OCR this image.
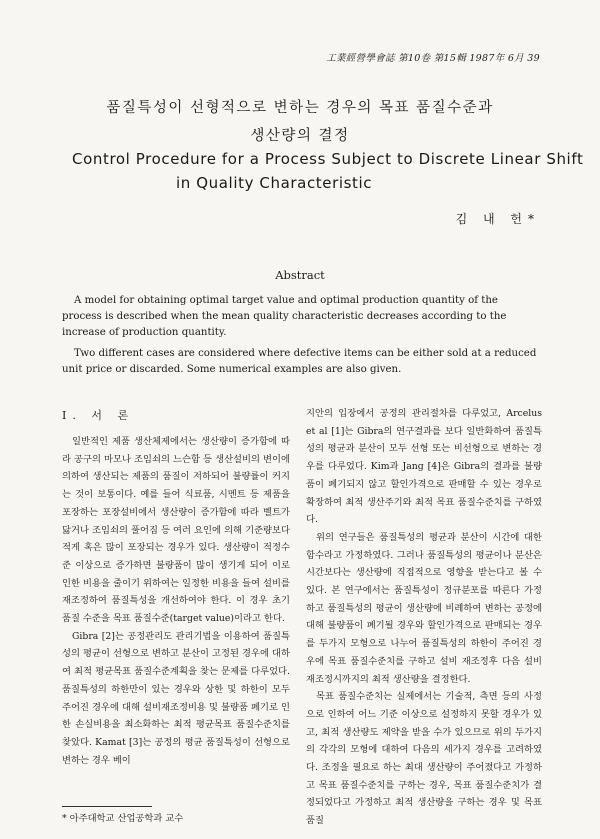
工業經營學會誌 第10卷 第15輯 1987年 6月 39
품질특성이 선형적으로 변하는 경우의 목표 품질수준과
생산량의 결정
Control Procedure for a Process Subject to Discrete Linear Shift
in Quality Characteristic
김 내 헌*
Abstract

A model for obtaining optimal target value and optimal production quantity of the process is described when the mean quality characteristic decreases according to the increase of production quantity.

Two different cases are considered where defective items can be either sold at a reduced unit price or discarded. Some numerical examples are also given.

I. 서 론

일반적인 제품 생산체제에서는 생산량이 증가함에 따라 공구의 마모나 조임쇠의 느슨함 등 생산설비의 변이에 의하여 생산되는 제품의 품질이 저하되어 불량률이 커지는 것이 보통이다. 예를 들어 식료품, 시멘트 등 제품을 포장하는 포장설비에서 생산량이 증가함에 따라 벨트가 닳거나 조임쇠의 풀어짐 등 여러 요인에 의해 기준량보다 적게 혹은 많이 포장되는 경우가 있다. 생산량이 적정수준 이상으로 증가하면 불량품이 많이 생기게 되어 이로 인한 비용을 줄이기 위하여는 일정한 비용을 들여 설비를 재조정하여 품질특성을 개선하여야 한다. 이 경우 초기 품질 수준을 목표 품질수준(target value)이라고 한다.

Gibra [2]는 공정관리도 관리기법을 이용하여 품질특성의 평균이 선형으로 변하고 분산이 고정된 경우에 대하여 최적 평균목표 품질수준계획을 찾는 문제를 다루었다. 품질특성의 하한만이 있는 경우와 상한 및 하한이 모두 주어진 경우에 대해 설비재조정비용 및 불량품 폐기로 인한 손실비용을 최소화하는 최적 평균목표 품질수준치를 찾았다. Kamat [3]는 공정의 평균 품질특성이 선형으로 변하는 경우 베이

지안의 입장에서 공정의 관리절차를 다루었고, Arcelus et al [1]는 Gibra의 연구결과를 보다 일반화하여 품질특성의 평균과 분산이 모두 선형 또는 비선형으로 변하는 경우를 다루었다. Kim과 Jang [4]은 Gibra의 결과를 불량품이 폐기되지 않고 할인가격으로 판매할 수 있는 경우로 확장하여 최적 생산주기와 최적 목표 품질수준치를 구하였다.

위의 연구들은 품질특성의 평균과 분산이 시간에 대한 함수라고 가정하였다. 그러나 품질특성의 평균이나 분산은 시간보다는 생산량에 직접적으로 영향을 받는다고 볼 수 있다. 본 연구에서는 품질특성이 정규분포를 따른다 가정하고 품질특성의 평균이 생산량에 비례하여 변하는 공정에 대해 불량품이 폐기될 경우와 할인가격으로 판매되는 경우를 두가지 모형으로 나누어 품질특성의 하한이 주어진 경우에 목표 품질수준치를 구하고 설비 재조정후 다음 설비재조정시까지의 최적 생산량을 결정한다.

목표 품질수준치는 실제에서는 기술적, 측면 등의 사정으로 인하여 어느 기준 이상으로 설정하지 못할 경우가 있고, 최적 생산량도 제약을 받을 수가 있으므로 위의 두가지의 각각의 모형에 대하여 다음의 세가지 경우를 고려하였다. 조정을 필요로 하는 최대 생산량이 주어졌다고 가정하고 목표 품질수준치를 구하는 경우, 목표 품질수준치가 결정되었다고 가정하고 최적 생산량을 구하는 경우 및 목표 품질

* 아주대학교 산업공학과 교수
